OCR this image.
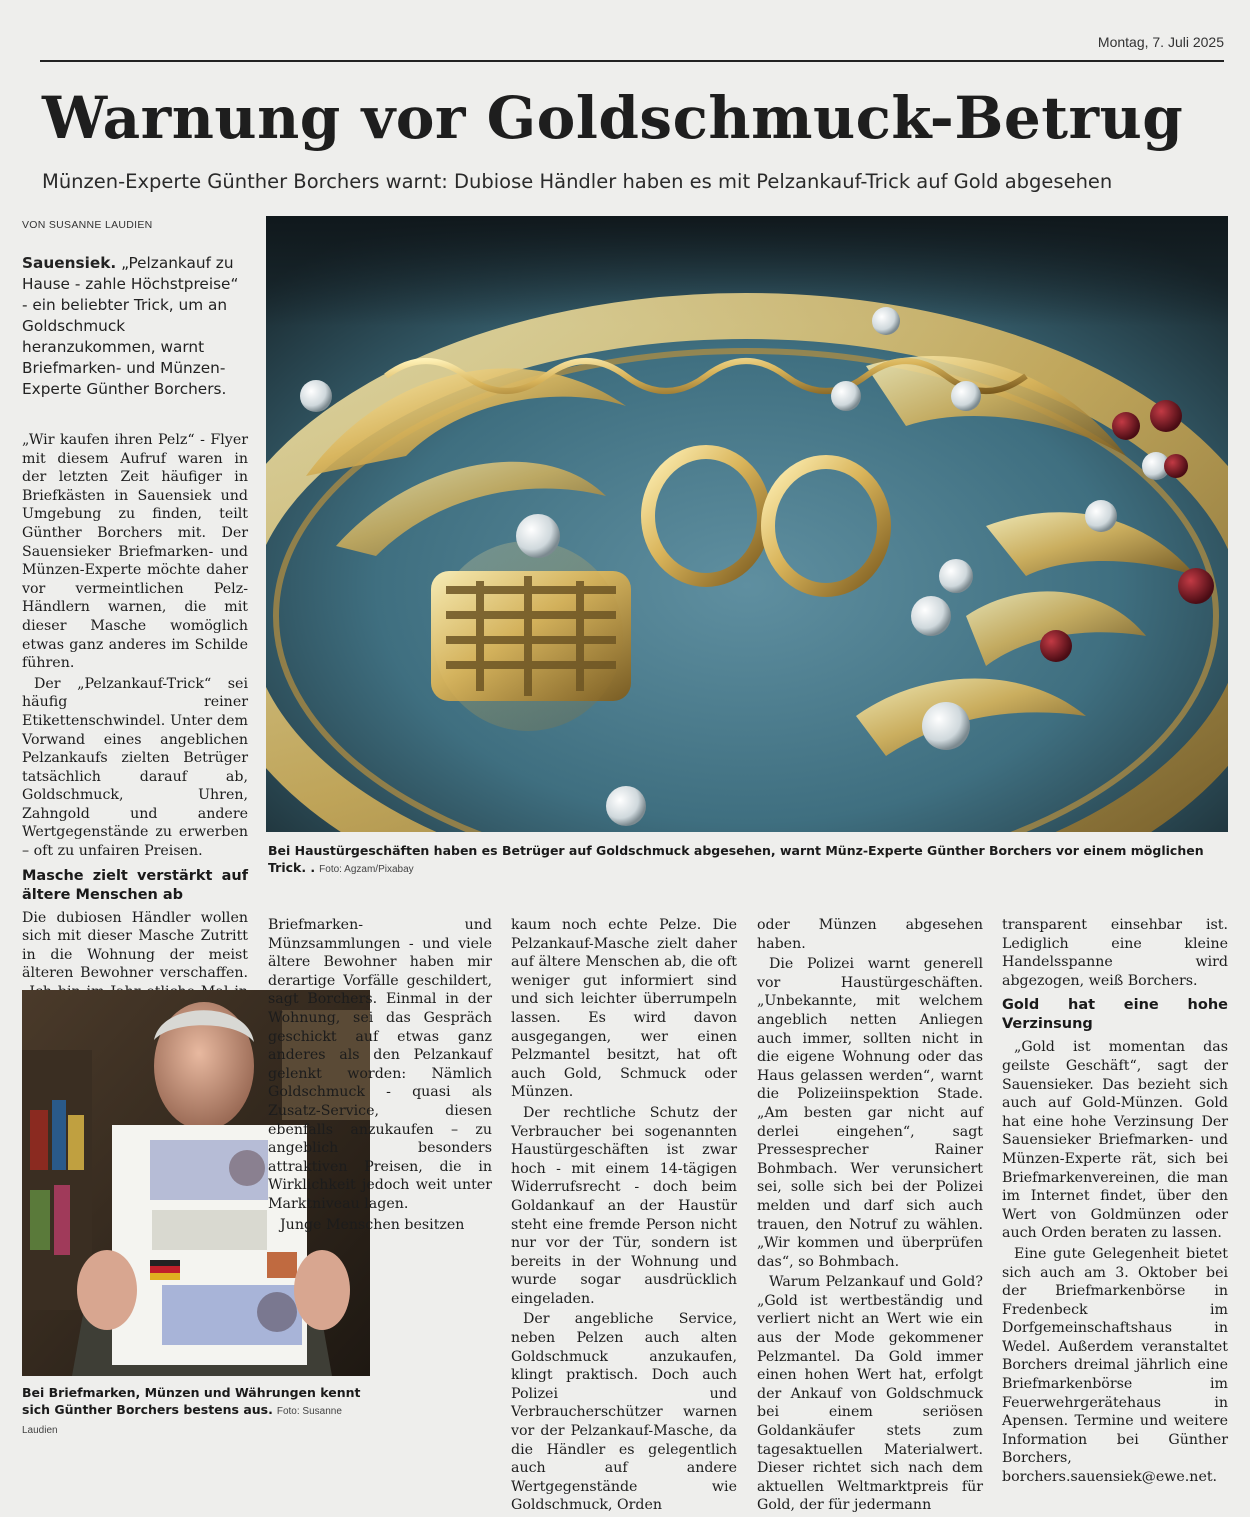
Montag, 7. Juli 2025
Warnung vor Goldschmuck-Betrug
Münzen-Experte Günther Borchers warnt: Dubiose Händler haben es mit Pelzankauf-Trick auf Gold abgesehen
VON SUSANNE LAUDIEN
Sauensiek. „Pelzankauf zu Hause - zahle Höchstpreise“ - ein beliebter Trick, um an Goldschmuck heranzukommen, warnt Briefmarken- und Münzen-Experte Günther Borchers.
Bei Haustürgeschäften haben es Betrüger auf Goldschmuck abgesehen, warnt Münz-Experte Günther Borchers vor einem möglichen Trick. . Foto: Agzam/Pixabay

„Wir kaufen ihren Pelz“ - Flyer mit diesem Aufruf waren in der letzten Zeit häufiger in Briefkästen in Sauensiek und Umgebung zu finden, teilt Günther Borchers mit. Der Sauensieker Briefmarken- und Münzen-Experte möchte daher vor vermeintlichen Pelz-Händlern warnen, die mit dieser Masche womöglich etwas ganz anderes im Schilde führen.

Der „Pelzankauf-Trick“ sei häufig reiner Etikettenschwindel. Unter dem Vorwand eines angeblichen Pelzankaufs zielten Betrüger tatsächlich darauf ab, Goldschmuck, Uhren, Zahngold und andere Wertgegenstände zu erwerben – oft zu unfairen Preisen.

Masche zielt verstärkt auf ältere Menschen ab

Die dubiosen Händler wollen sich mit dieser Masche Zutritt in die Wohnung der meist älteren Bewohner verschaffen.

Bei Briefmarken, Münzen und Währungen kennt sich Günther Borchers bestens aus. Foto: Susanne Laudien

Briefmarken- und Münzsammlungen - und viele ältere Bewohner haben mir derartige Vorfälle geschildert, sagt Borchers. Einmal in der Wohnung, sei das Gespräch geschickt auf etwas ganz anderes als den Pelzankauf gelenkt worden: Nämlich Goldschmuck - quasi als Zusatz-Service, diesen ebenfalls anzukaufen – zu angeblich besonders attraktiven Preisen, die in Wirklichkeit jedoch weit unter Marktniveau lagen.

Junge Menschen besitzen

kaum noch echte Pelze. Die Pelzankauf-Masche zielt daher auf ältere Menschen ab, die oft weniger gut informiert sind und sich leichter überrumpeln lassen. Es wird davon ausgegangen, wer einen Pelzmantel besitzt, hat oft auch Gold, Schmuck oder Münzen.

Der rechtliche Schutz der Verbraucher bei sogenannten Haustürgeschäften ist zwar hoch - mit einem 14-tägigen Widerrufsrecht - doch beim Goldankauf an der Haustür steht eine fremde Person nicht nur vor der Tür, sondern ist bereits in der Wohnung und wurde sogar ausdrücklich eingeladen.

Der angebliche Service, neben Pelzen auch alten Goldschmuck anzukaufen, klingt praktisch. Doch auch Polizei und Verbraucherschützer warnen vor der Pelzankauf-Masche, da die Händler es gelegentlich auch auf andere Wertgegenstände wie Goldschmuck, Orden

oder Münzen abgesehen haben.

Die Polizei warnt generell vor Haustürgeschäften. „Unbekannte, mit welchem angeblich netten Anliegen auch immer, sollten nicht in die eigene Wohnung oder das Haus gelassen werden“, warnt die Polizeiinspektion Stade. „Am besten gar nicht auf derlei eingehen“, sagt Pressesprecher Rainer Bohmbach. Wer verunsichert sei, solle sich bei der Polizei melden und darf sich auch trauen, den Notruf zu wählen. „Wir kommen und überprüfen das“, so Bohmbach.

Warum Pelzankauf und Gold? „Gold ist wertbeständig und verliert nicht an Wert wie ein aus der Mode gekommener Pelzmantel. Da Gold immer einen hohen Wert hat, erfolgt der Ankauf von Goldschmuck bei einem seriösen Goldankäufer stets zum tagesaktuellen Materialwert. Dieser richtet sich nach dem aktuellen Weltmarktpreis für Gold, der für jedermann

transparent einsehbar ist. Lediglich eine kleine Handelsspanne wird abgezogen, weiß Borchers.

Gold hat eine hohe Verzinsung

„Gold ist momentan das geilste Geschäft“, sagt der Sauensieker. Das bezieht sich auch auf Gold-Münzen. Gold hat eine hohe Verzinsung Der Sauensieker Briefmarken- und Münzen-Experte rät, sich bei Briefmarkenvereinen, die man im Internet findet, über den Wert von Goldmünzen oder auch Orden beraten zu lassen.

Eine gute Gelegenheit bietet sich auch am 3. Oktober bei der Briefmarkenbörse in Fredenbeck im Dorfgemeinschaftshaus in Wedel. Außerdem veranstaltet Borchers dreimal jährlich eine Briefmarkenbörse im Feuerwehrgerätehaus in Apensen. Termine und weitere Information bei Günther Borchers, borchers.sauensiek@ewe.net.
